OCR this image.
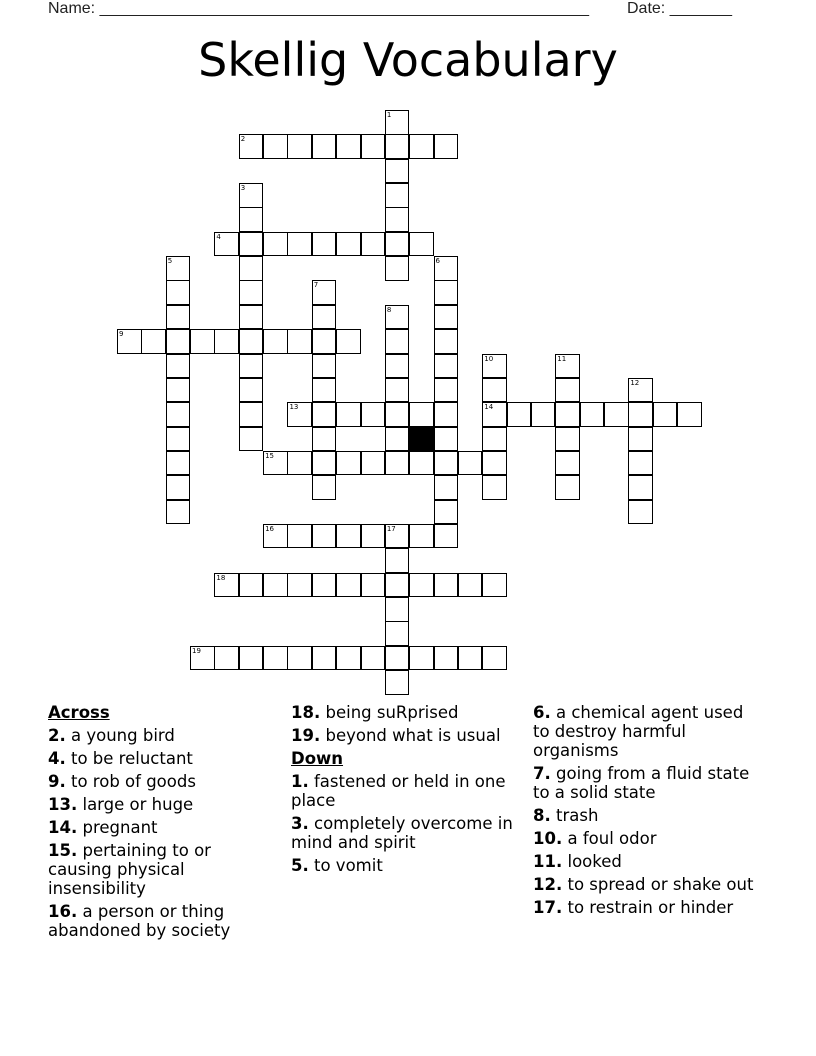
Name: _______________________________________________________ Date: _______
Skellig Vocabulary
1
2
3
4
5	6
7
8
9
10	11
12
13	14
15
16	17
18
19
Across
2. a young bird
4. to be reluctant
9. to rob of goods
13. large or huge
14. pregnant
15. pertaining to or causing physical insensibility
16. a person or thing abandoned by society
18. being suRprised
19. beyond what is usual
Down
1. fastened or held in one place
3. completely overcome in mind and spirit
5. to vomit
6. a chemical agent used to destroy harmful organisms
7. going from a fluid state to a solid state
8. trash
10. a foul odor
11. looked
12. to spread or shake out
17. to restrain or hinder
